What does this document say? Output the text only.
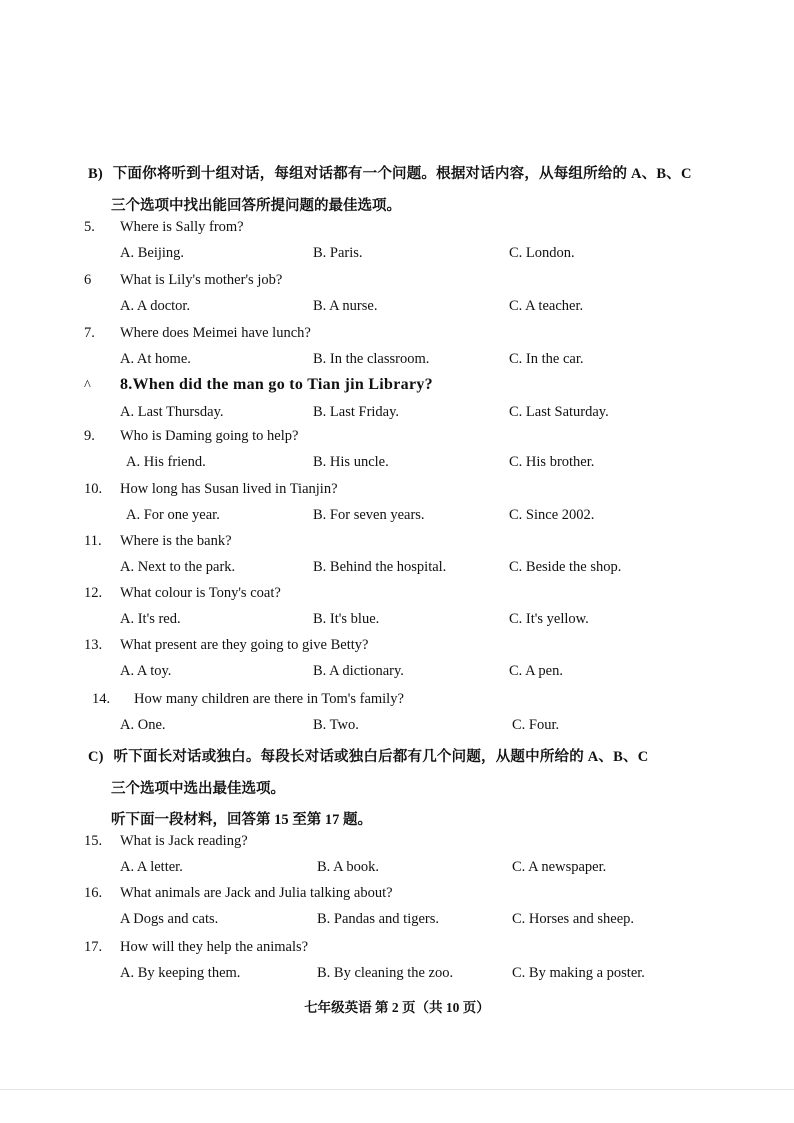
B) 下面你将听到十组对话，每组对话都有一个问题。根据对话内容，从每组所给的 A、B、C
三个选项中找出能回答所提问题的最佳选项。
5. Where is Sally from?
A. Beijing.	B. Paris.	C. London.
6 What is Lily's mother's job?
A. A doctor.	B. A nurse.	C. A teacher.
7. Where does Meimei have lunch?
A. At home.	B. In the classroom.	C. In the car.
^ 8.When did the man go to Tian jin Library?
A. Last Thursday.	B. Last Friday.	C. Last Saturday.
9. Who is Daming going to help?
A. His friend.	B. His uncle.	C. His brother.
10. How long has Susan lived in Tianjin?
A. For one year.	B. For seven years.	C. Since 2002.
11. Where is the bank?
A. Next to the park.	B. Behind the hospital.	C. Beside the shop.
12. What colour is Tony's coat?
A. It's red.	B. It's blue.	C. It's yellow.
13. What present are they going to give Betty?
A. A toy.	B. A dictionary.	C. A pen.
14. How many children are there in Tom's family?
A. One.	B. Two.	C. Four.
C) 听下面长对话或独白。每段长对话或独白后都有几个问题，从题中所给的 A、B、C
三个选项中选出最佳选项。
听下面一段材料，回答第 15 至第 17 题。
15. What is Jack reading?
A. A letter.	B. A book.	C. A newspaper.
16. What animals are Jack and Julia talking about?
A Dogs and cats.	B. Pandas and tigers.	C. Horses and sheep.
17. How will they help the animals?
A. By keeping them.	B. By cleaning the zoo.	C. By making a poster.
七年级英语 第 2 页（共 10 页）
